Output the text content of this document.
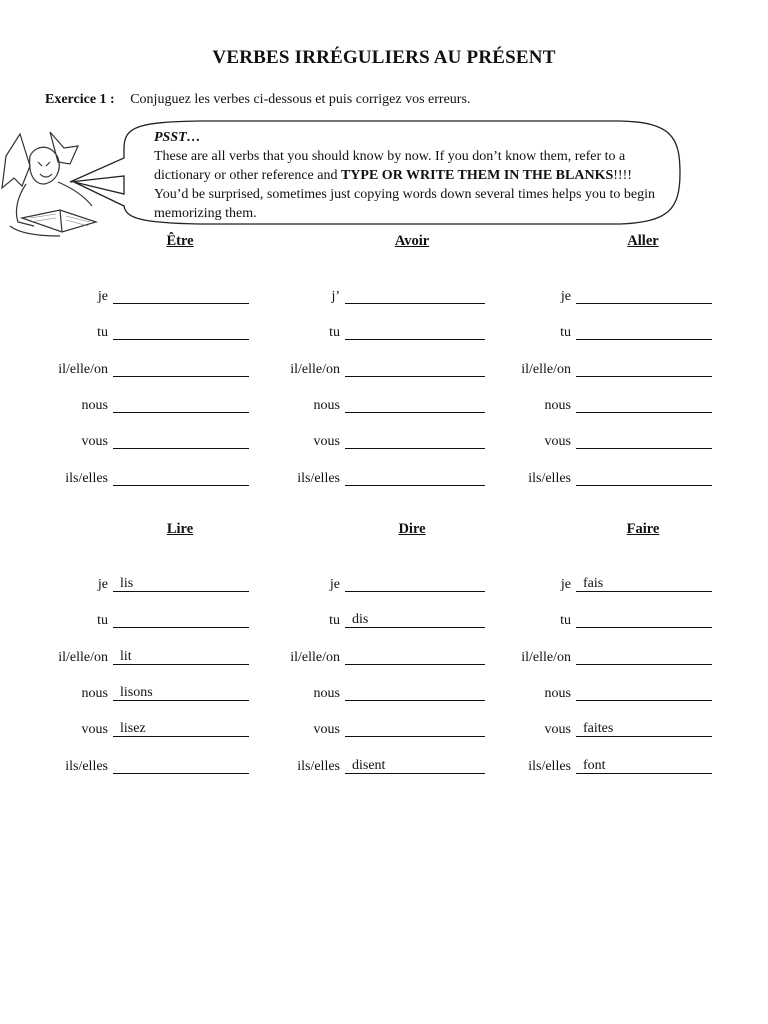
VERBES IRRÉGULIERS AU PRÉSENT
Exercice 1 : Conjuguez les verbes ci-dessous et puis corrigez vos erreurs.
PSST…
These are all verbs that you should know by now. If you don’t know them, refer to a dictionary or other reference and TYPE OR WRITE THEM IN THE BLANKS!!!! You’d be surprised, sometimes just copying words down several times helps you to begin memorizing them.
Être
je
tu
il/elle/on
nous
vous
ils/elles
Avoir
j’
tu
il/elle/on
nous
vous
ils/elles
Aller
je
tu
il/elle/on
nous
vous
ils/elles
Lire
je lis
tu
il/elle/on lit
nous lisons
vous lisez
ils/elles
Dire
je
tu dis
il/elle/on
nous
vous
ils/elles disent
Faire
je fais
tu
il/elle/on
nous
vous faites
ils/elles font
